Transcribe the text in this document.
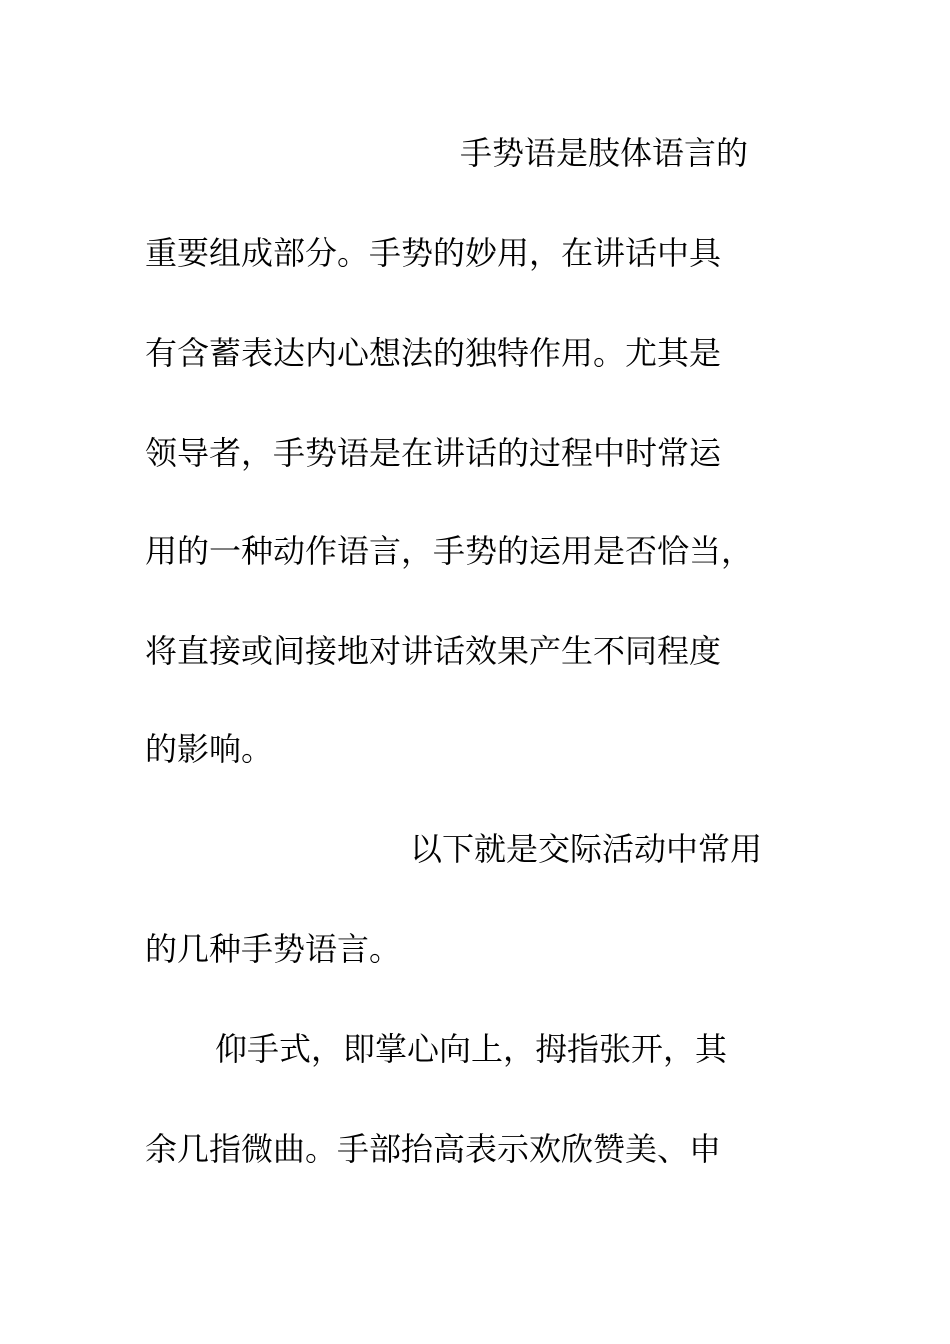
手势语是肢体语言的
重要组成部分。手势的妙用，在讲话中具
有含蓄表达内心想法的独特作用。尤其是
领导者，手势语是在讲话的过程中时常运
用的一种动作语言，手势的运用是否恰当，
将直接或间接地对讲话效果产生不同程度
的影响。
以下就是交际活动中常用
的几种手势语言。
仰手式，即掌心向上，拇指张开，其
余几指微曲。手部抬高表示欢欣赞美、申
